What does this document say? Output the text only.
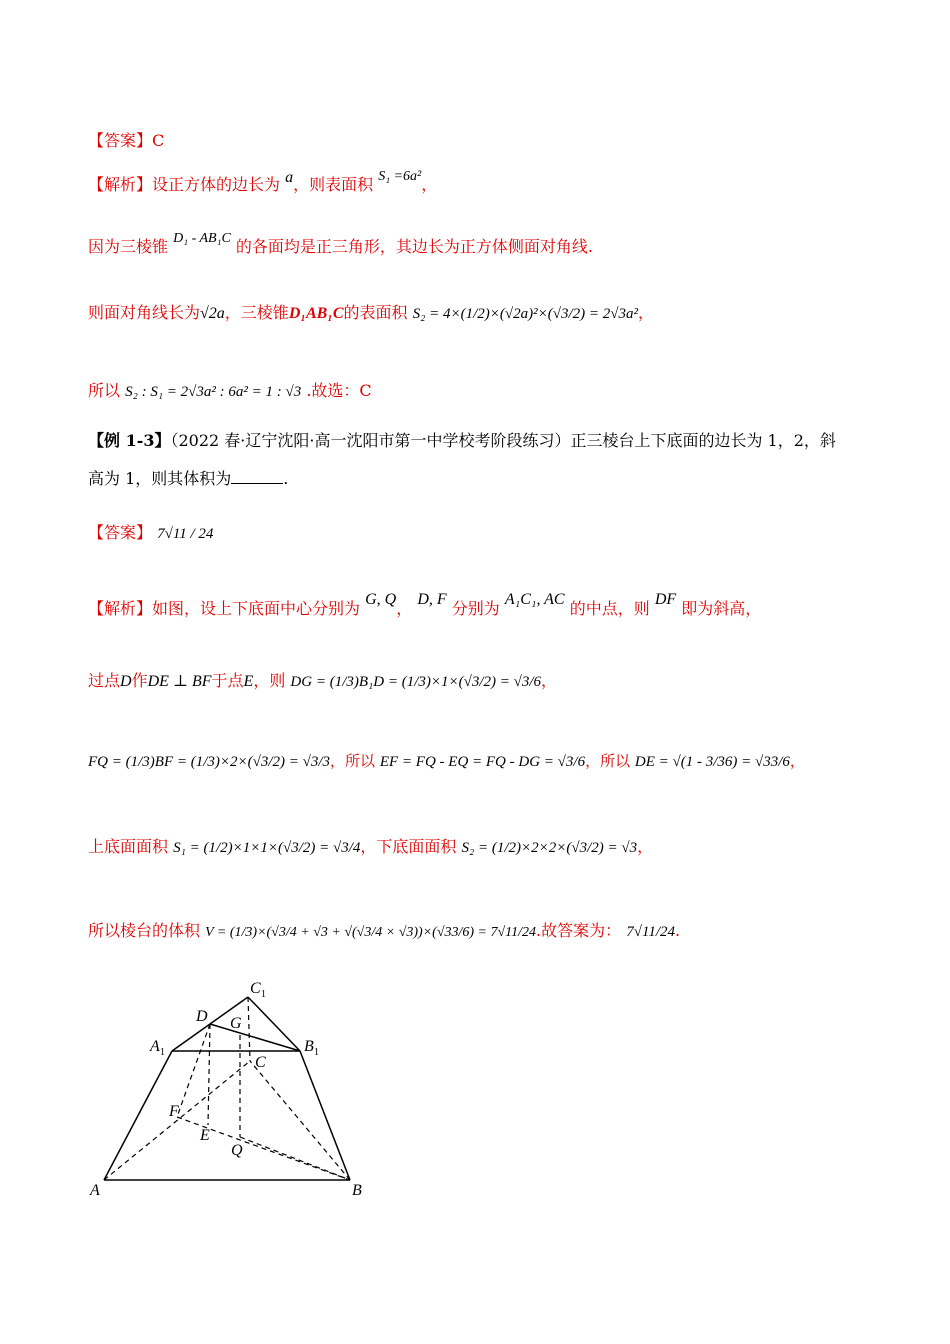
【答案】C
【解析】设正方体的边长为 a，则表面积 S₁ =6a²，
因为三棱锥 D₁ - AB₁C 的各面均是正三角形，其边长为正方体侧面对角线.
则面对角线长为√2a，三棱锥D₁AB₁C的表面积 S₂ = 4×(1/2)×(√2a)²×(√3/2) = 2√3a²，
所以 S₂ : S₁ = 2√3a² : 6a² = 1 : √3 .故选：C
【例 1-3】（2022 春·辽宁沈阳·高一沈阳市第一中学校考阶段练习）正三棱台上下底面的边长为 1，2，斜
高为 1，则其体积为	.
【答案】 7√11 / 24
【解析】如图，设上下底面中心分别为 G, Q， D, F 分别为 A₁C₁, AC 的中点，则 DF 即为斜高，
过点D作DE ⊥ BF于点E，则 DG = (1/3)B₁D = (1/3)×1×(√3/2) = √3/6，
FQ = (1/3)BF = (1/3)×2×(√3/2) = √3/3，所以 EF = FQ - EQ = FQ - DG = √3/6，所以 DE = √(1 - 3/36) = √33/6，
上底面面积 S₁ = (1/2)×1×1×(√3/2) = √3/4，下底面面积 S₂ = (1/2)×2×2×(√3/2) = √3，
所以棱台的体积 V = (1/3)×(√3/4 + √3 + √(√3/4 × √3))×(√33/6) = 7√11/24.故答案为： 7√11/24.
C 1
D G
A 1	B 1
C
F
E
Q
A	B
